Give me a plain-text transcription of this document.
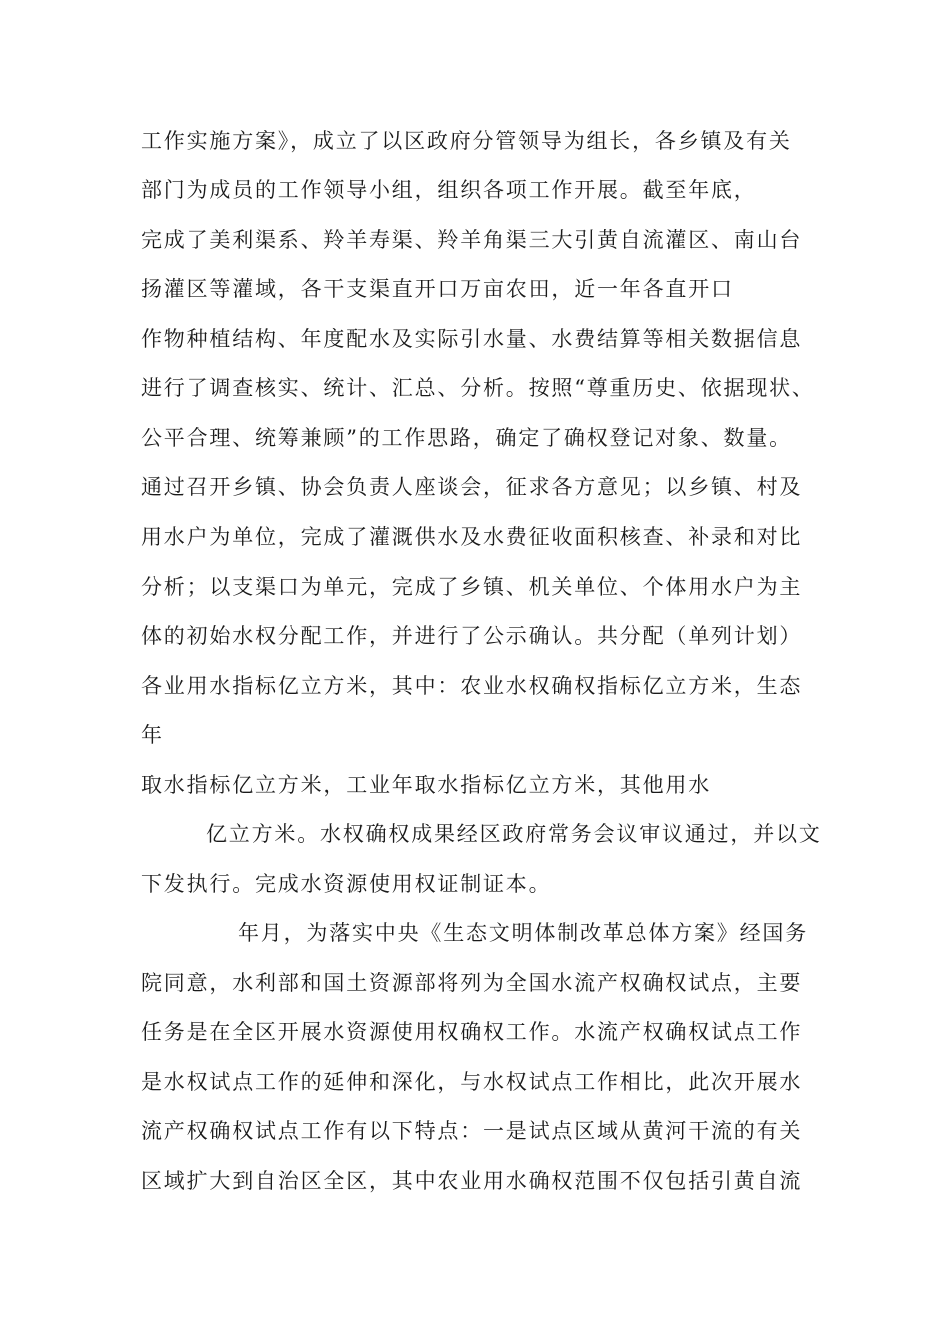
工作实施方案》，成立了以区政府分管领导为组长，各乡镇及有关
部门为成员的工作领导小组，组织各项工作开展。截至年底，
完成了美利渠系、羚羊寿渠、羚羊角渠三大引黄自流灌区、南山台
扬灌区等灌域，各干支渠直开口万亩农田，近一年各直开口
作物种植结构、年度配水及实际引水量、水费结算等相关数据信息
进行了调查核实、统计、汇总、分析。按照“尊重历史、依据现状、
公平合理、统筹兼顾”的工作思路，确定了确权登记对象、数量。
通过召开乡镇、协会负责人座谈会，征求各方意见；以乡镇、村及
用水户为单位，完成了灌溉供水及水费征收面积核查、补录和对比
分析；以支渠口为单元，完成了乡镇、机关单位、个体用水户为主
体的初始水权分配工作，并进行了公示确认。共分配（单列计划）
各业用水指标亿立方米，其中：农业水权确权指标亿立方米，生态
年
取水指标亿立方米，工业年取水指标亿立方米，其他用水
亿立方米。水权确权成果经区政府常务会议审议通过，并以文
下发执行。完成水资源使用权证制证本。
年月，为落实中央《生态文明体制改革总体方案》经国务
院同意，水利部和国土资源部将列为全国水流产权确权试点，主要
任务是在全区开展水资源使用权确权工作。水流产权确权试点工作
是水权试点工作的延伸和深化，与水权试点工作相比，此次开展水
流产权确权试点工作有以下特点：一是试点区域从黄河干流的有关
区域扩大到自治区全区，其中农业用水确权范围不仅包括引黄自流
